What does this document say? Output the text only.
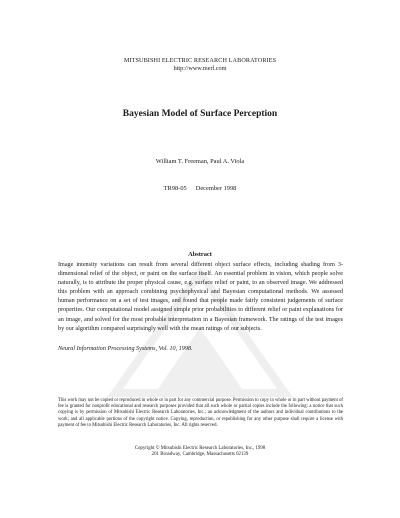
MITSUBISHI ELECTRIC RESEARCH LABORATORIES
http://www.merl.com
Bayesian Model of Surface Perception
William T. Freeman, Paul A. Viola
TR98-05 December 1998
Abstract
Image intensity variations can result from several different object surface effects, including shading from 3-dimensional relief of the object, or paint on the surface itself. An essential problem in vision, which people solve naturally, is to attribute the proper physical cause, e.g. surface relief or paint, to an observed image. We addressed this problem with an approach combining psychophysical and Bayesian computational methods. We assessed human performance on a set of test images, and found that people made fairly consistent judgements of surface properties. Our computational model assigned simple prior probabilities to different relief or paint explanations for an image, and solved for the most probable interpretation in a Bayesian framework. The ratings of the test images by our algorithm compared surprisingly well with the mean ratings of our subjects.
Neural Information Processing Systems, Vol. 10, 1998.
This work may not be copied or reproduced in whole or in part for any commercial purpose. Permission to copy in whole or in part without payment of fee is granted for nonprofit educational and research purposes provided that all such whole or partial copies include the following: a notice that such copying is by permission of Mitsubishi Electric Research Laboratories, Inc.; an acknowledgment of the authors and individual contributions to the work; and all applicable portions of the copyright notice. Copying, reproduction, or republishing for any other purpose shall require a license with payment of fee to Mitsubishi Electric Research Laboratories, Inc. All rights reserved.
Copyright © Mitsubishi Electric Research Laboratories, Inc., 1998
201 Broadway, Cambridge, Massachusetts 02139
